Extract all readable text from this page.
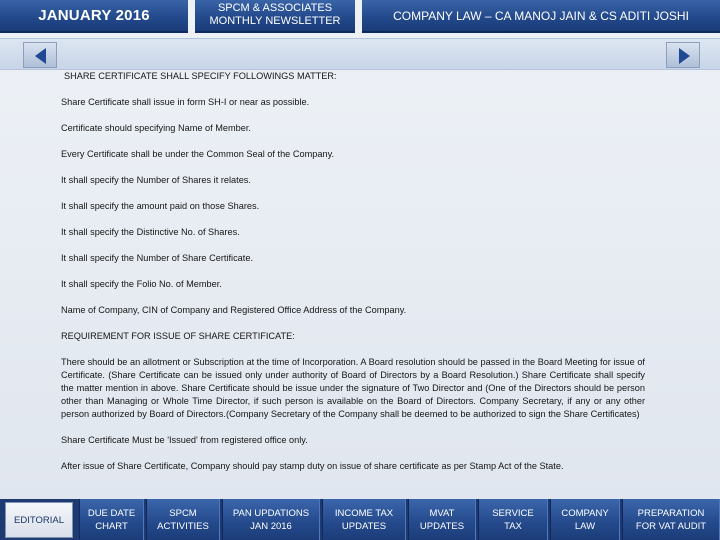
JANUARY 2016	SPCM & ASSOCIATES
MONTHLY NEWSLETTER	COMPANY LAW – CA MANOJ JAIN & CS ADITI JOSHI

SHARE CERTIFICATE SHALL SPECIFY FOLLOWINGS MATTER:

Share Certificate shall issue in form SH-I or near as possible.

Certificate should specifying Name of Member.

Every Certificate shall be under the Common Seal of the Company.

It shall specify the Number of Shares it relates.

It shall specify the amount paid on those Shares.

It shall specify the Distinctive No. of Shares.

It shall specify the Number of Share Certificate.

It shall specify the Folio No. of Member.

Name of Company, CIN of Company and Registered Office Address of the Company.

REQUIREMENT FOR ISSUE OF SHARE CERTIFICATE:

There should be an allotment or Subscription at the time of Incorporation. A Board resolution should be passed in the Board Meeting for issue of Certificate. (Share Certificate can be issued only under authority of Board of Directors by a Board Resolution.) Share Certificate shall specify the matter mention in above. Share Certificate should be issue under the signature of Two Director and (One of the Directors should be person other than Managing or Whole Time Director, if such person is available on the Board of Directors. Company Secretary, if any or any other person authorized by Board of Directors.(Company Secretary of the Company shall be deemed to be authorized to sign the Share Certificates)

Share Certificate Must be 'Issued' from registered office only.

After issue of Share Certificate, Company should pay stamp duty on issue of share certificate as per Stamp Act of the State.

EDITORIAL
DUE DATE
CHART
SPCM
ACTIVITIES
PAN UPDATIONS
JAN 2016
INCOME TAX
UPDATES
MVAT
UPDATES
SERVICE
TAX
COMPANY
LAW
PREPARATION
FOR VAT AUDIT
